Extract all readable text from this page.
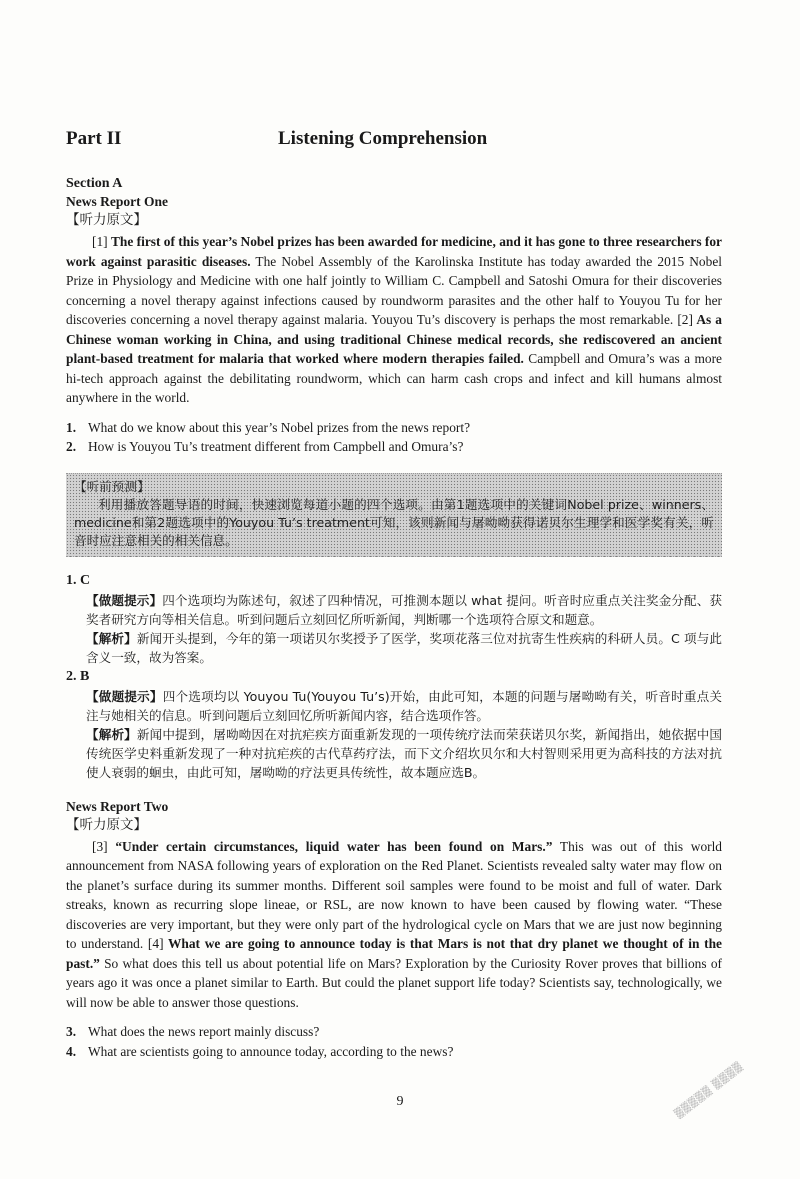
Part II	Listening Comprehension
Section A
News Report One
【听力原文】

[1] The first of this year’s Nobel prizes has been awarded for medicine, and it has gone to three researchers for work against parasitic diseases. The Nobel Assembly of the Karolinska Institute has today awarded the 2015 Nobel Prize in Physiology and Medicine with one half jointly to William C. Campbell and Satoshi Omura for their discoveries concerning a novel therapy against infections caused by roundworm parasites and the other half to Youyou Tu for her discoveries concerning a novel therapy against malaria. Youyou Tu’s discovery is perhaps the most remarkable. [2] As a Chinese woman working in China, and using traditional Chinese medical records, she rediscovered an ancient plant-based treatment for malaria that worked where modern therapies failed. Campbell and Omura’s was a more hi-tech approach against the debilitating roundworm, which can harm cash crops and infect and kill humans almost anywhere in the world.

1. What do we know about this year’s Nobel prizes from the news report?
2. How is Youyou Tu’s treatment different from Campbell and Omura’s?
【听前预测】

利用播放答题导语的时间，快速浏览每道小题的四个选项。由第1题选项中的关键词Nobel prize、winners、medicine和第2题选项中的Youyou Tu’s treatment可知，该则新闻与屠呦呦获得诺贝尔生理学和医学奖有关，听音时应注意相关的相关信息。

1. C

【做题提示】四个选项均为陈述句，叙述了四种情况，可推测本题以 what 提问。听音时应重点关注奖金分配、获奖者研究方向等相关信息。听到问题后立刻回忆所听新闻，判断哪一个选项符合原文和题意。

【解析】新闻开头提到，今年的第一项诺贝尔奖授予了医学，奖项花落三位对抗寄生性疾病的科研人员。C 项与此含义一致，故为答案。

2. B

【做题提示】四个选项均以 Youyou Tu(Youyou Tu’s)开始，由此可知，本题的问题与屠呦呦有关，听音时重点关注与她相关的信息。听到问题后立刻回忆所听新闻内容，结合选项作答。

【解析】新闻中提到，屠呦呦因在对抗疟疾方面重新发现的一项传统疗法而荣获诺贝尔奖，新闻指出，她依据中国传统医学史料重新发现了一种对抗疟疾的古代草药疗法，而下文介绍坎贝尔和大村智则采用更为高科技的方法对抗使人衰弱的蛔虫，由此可知，屠呦呦的疗法更具传统性，故本题应选B。

News Report Two
【听力原文】

[3] “Under certain circumstances, liquid water has been found on Mars.” This was out of this world announcement from NASA following years of exploration on the Red Planet. Scientists revealed salty water may flow on the planet’s surface during its summer months. Different soil samples were found to be moist and full of water. Dark streaks, known as recurring slope lineae, or RSL, are now known to have been caused by flowing water. “These discoveries are very important, but they were only part of the hydrological cycle on Mars that we are just now beginning to understand. [4] What we are going to announce today is that Mars is not that dry planet we thought of in the past.” So what does this tell us about potential life on Mars? Exploration by the Curiosity Rover proves that billions of years ago it was once a planet similar to Earth. But could the planet support life today? Scientists say, technologically, we will now be able to answer those questions.

3. What does the news report mainly discuss?
4. What are scientists going to announce today, according to the news?
9	▒▒▒▒▒ ▒▒▒▒
